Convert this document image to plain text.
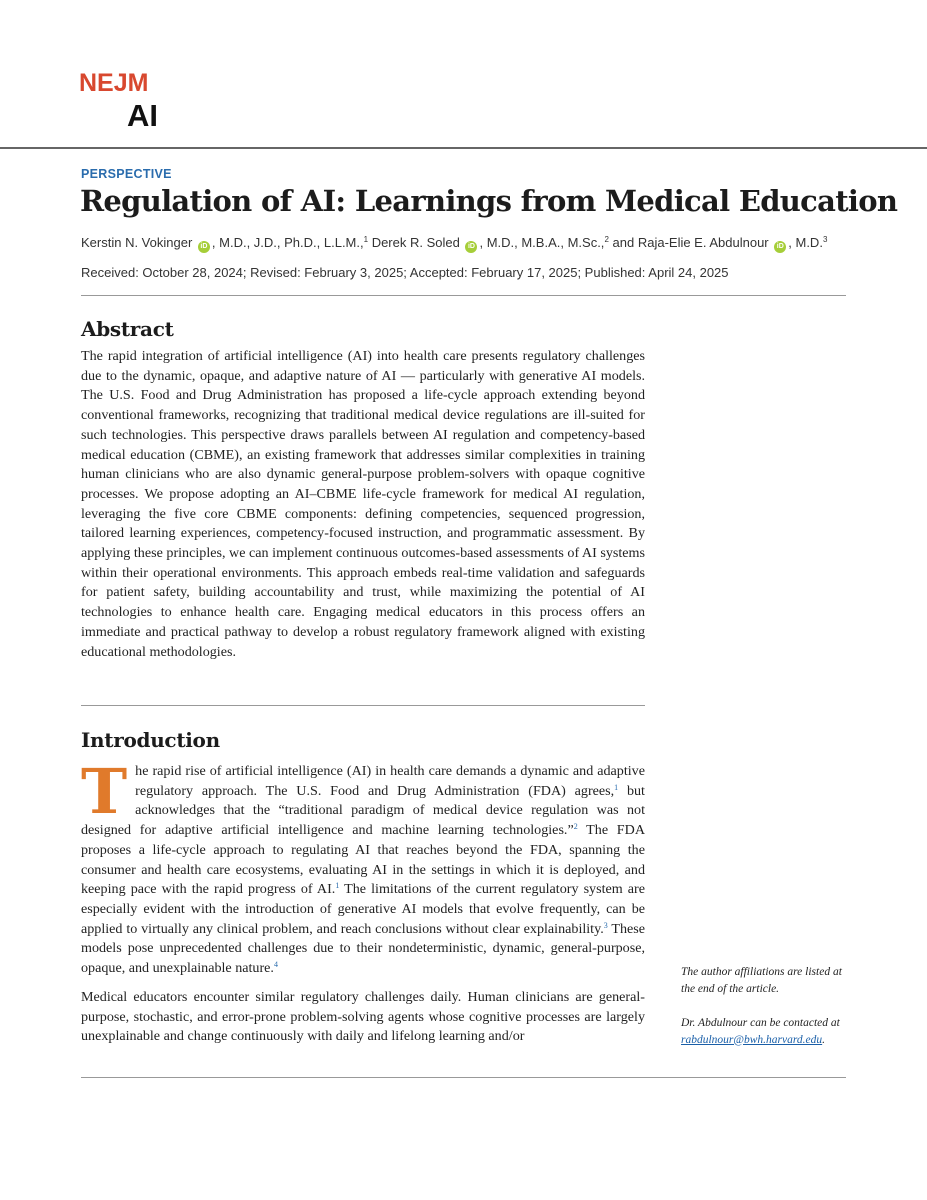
NEJM
AI
PERSPECTIVE
Regulation of AI: Learnings from Medical Education
Kerstin N. Vokinger iD , M.D., J.D., Ph.D., L.L.M.,$^1$ Derek R. Soled iD , M.D., M.B.A., M.Sc.,$^2$ and Raja-Elie E. Abdulnour iD , M.D.$^3$
Received: October 28, 2024; Revised: February 3, 2025; Accepted: February 17, 2025; Published: April 24, 2025
Abstract
The rapid integration of artificial intelligence (AI) into health care presents regulatory challenges due to the dynamic, opaque, and adaptive nature of AI — particularly with generative AI models. The U.S. Food and Drug Administration has proposed a life-cycle approach extending beyond conventional frameworks, recognizing that traditional medical device regulations are ill-suited for such technologies. This perspective draws parallels between AI regulation and competency-based medical education (CBME), an existing framework that addresses similar complexities in training human clinicians who are also dynamic general-purpose problem-solvers with opaque cognitive processes. We propose adopting an AI–CBME life-cycle framework for medical AI regulation, leveraging the five core CBME components: defining competencies, sequenced progression, tailored learning experiences, competency-focused instruction, and programmatic assessment. By applying these principles, we can implement continuous outcomes-based assessments of AI systems within their operational environments. This approach embeds real-time validation and safeguards for patient safety, building accountability and trust, while maximizing the potential of AI technologies to enhance health care. Engaging medical educators in this process offers an immediate and practical pathway to develop a robust regulatory framework aligned with existing educational methodologies.
Introduction
The rapid rise of artificial intelligence (AI) in health care demands a dynamic and adaptive regulatory approach. The U.S. Food and Drug Administration (FDA) agrees,$^1$ but acknowledges that the “traditional paradigm of medical device regulation was not designed for adaptive artificial intelligence and machine learning technologies.”$^2$ The FDA proposes a life-cycle approach to regulating AI that reaches beyond the FDA, spanning the consumer and health care ecosystems, evaluating AI in the settings in which it is deployed, and keeping pace with the rapid progress of AI.$^1$ The limitations of the current regulatory system are especially evident with the introduction of generative AI models that evolve frequently, can be applied to virtually any clinical problem, and reach conclusions without clear explainability.$^3$ These models pose unprecedented challenges due to their nondeterministic, dynamic, general-purpose, opaque, and unexplainable nature.$^4$
Medical educators encounter similar regulatory challenges daily. Human clinicians are general-purpose, stochastic, and error-prone problem-solving agents whose cognitive processes are largely unexplainable and change continuously with daily and lifelong learning and/or
The author affiliations are listed at the end of the article.
Dr. Abdulnour can be contacted at
rabdulnour@bwh.harvard.edu.
